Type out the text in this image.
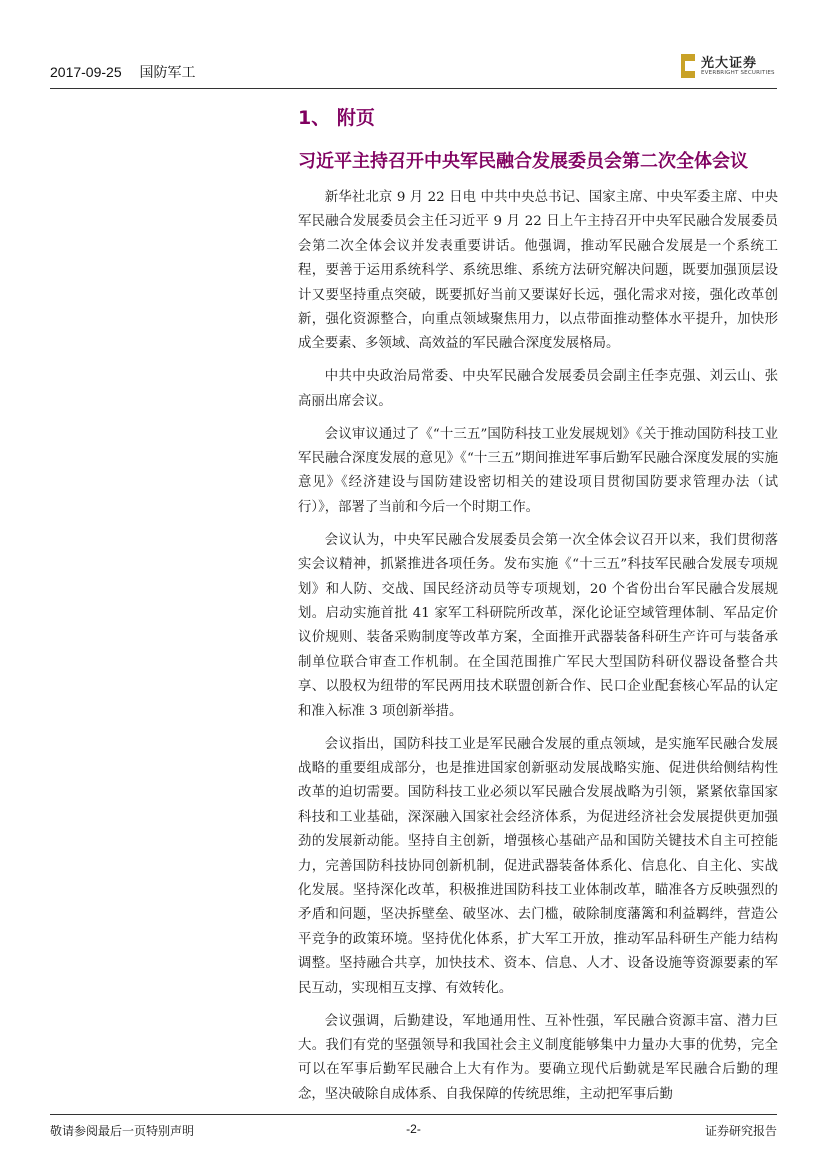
2017-09-25 国防军工
光大证券
EVERBRIGHT SECURITIES
1、 附页
习近平主持召开中央军民融合发展委员会第二次全体会议

新华社北京 9 月 22 日电 中共中央总书记、国家主席、中央军委主席、中央军民融合发展委员会主任习近平 9 月 22 日上午主持召开中央军民融合发展委员会第二次全体会议并发表重要讲话。他强调，推动军民融合发展是一个系统工程，要善于运用系统科学、系统思维、系统方法研究解决问题，既要加强顶层设计又要坚持重点突破，既要抓好当前又要谋好长远，强化需求对接，强化改革创新，强化资源整合，向重点领域聚焦用力，以点带面推动整体水平提升，加快形成全要素、多领域、高效益的军民融合深度发展格局。

中共中央政治局常委、中央军民融合发展委员会副主任李克强、刘云山、张高丽出席会议。

会议审议通过了《“十三五”国防科技工业发展规划》《关于推动国防科技工业军民融合深度发展的意见》《“十三五”期间推进军事后勤军民融合深度发展的实施意见》《经济建设与国防建设密切相关的建设项目贯彻国防要求管理办法（试行）》，部署了当前和今后一个时期工作。

会议认为，中央军民融合发展委员会第一次全体会议召开以来，我们贯彻落实会议精神，抓紧推进各项任务。发布实施《“十三五”科技军民融合发展专项规划》和人防、交战、国民经济动员等专项规划，20 个省份出台军民融合发展规划。启动实施首批 41 家军工科研院所改革，深化论证空域管理体制、军品定价议价规则、装备采购制度等改革方案，全面推开武器装备科研生产许可与装备承制单位联合审查工作机制。在全国范围推广军民大型国防科研仪器设备整合共享、以股权为纽带的军民两用技术联盟创新合作、民口企业配套核心军品的认定和准入标准 3 项创新举措。

会议指出，国防科技工业是军民融合发展的重点领域，是实施军民融合发展战略的重要组成部分，也是推进国家创新驱动发展战略实施、促进供给侧结构性改革的迫切需要。国防科技工业必须以军民融合发展战略为引领，紧紧依靠国家科技和工业基础，深深融入国家社会经济体系，为促进经济社会发展提供更加强劲的发展新动能。坚持自主创新，增强核心基础产品和国防关键技术自主可控能力，完善国防科技协同创新机制，促进武器装备体系化、信息化、自主化、实战化发展。坚持深化改革，积极推进国防科技工业体制改革，瞄准各方反映强烈的矛盾和问题，坚决拆壁垒、破坚冰、去门槛，破除制度藩篱和利益羁绊，营造公平竞争的政策环境。坚持优化体系，扩大军工开放，推动军品科研生产能力结构调整。坚持融合共享，加快技术、资本、信息、人才、设备设施等资源要素的军民互动，实现相互支撑、有效转化。

会议强调，后勤建设，军地通用性、互补性强，军民融合资源丰富、潜力巨大。我们有党的坚强领导和我国社会主义制度能够集中力量办大事的优势，完全可以在军事后勤军民融合上大有作为。要确立现代后勤就是军民融合后勤的理念，坚决破除自成体系、自我保障的传统思维，主动把军事后勤

敬请参阅最后一页特别声明	-2-	证券研究报告
